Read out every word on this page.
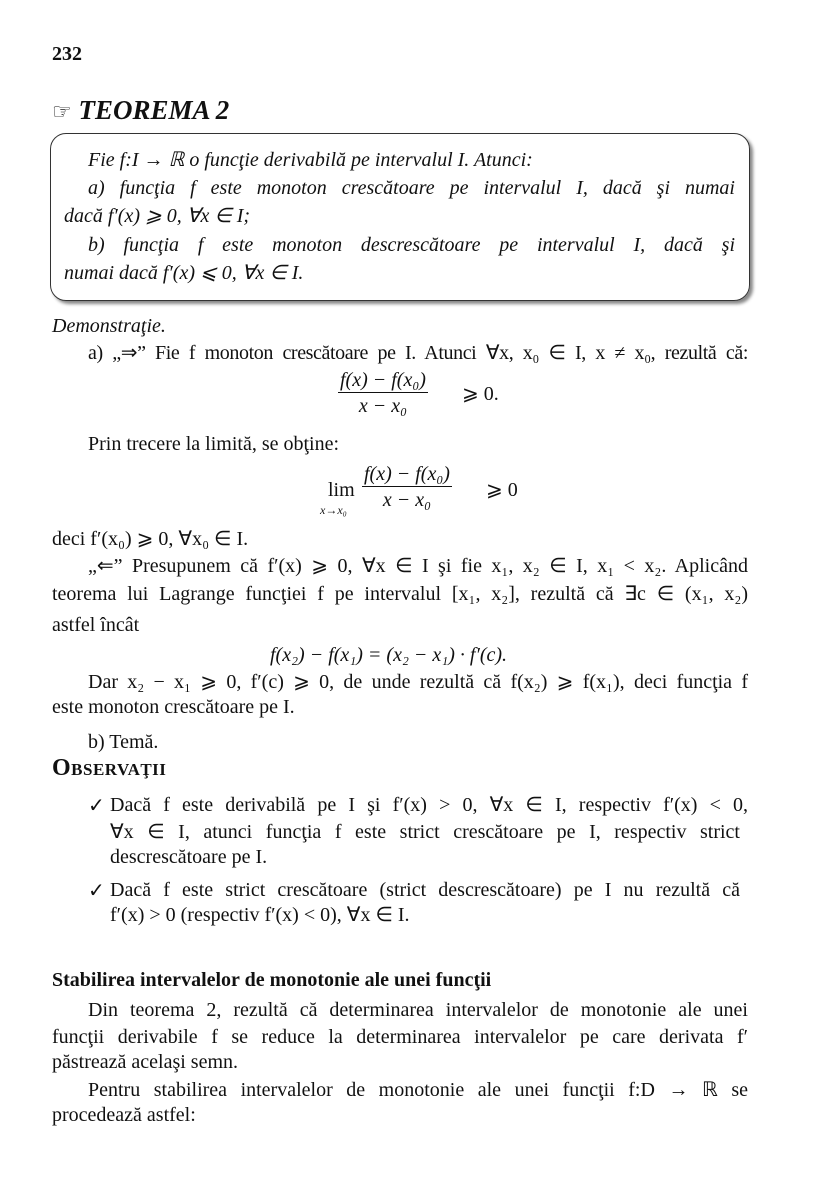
232
☞ TEOREMA 2
Fie f:I → ℝ o funcţie derivabilă pe intervalul I. Atunci:
a) funcţia f este monoton crescătoare pe intervalul I, dacă şi numai
dacă f′(x) ⩾ 0, ∀x ∈ I;
b) funcţia f este monoton descrescătoare pe intervalul I, dacă şi
numai dacă f′(x) ⩽ 0, ∀x ∈ I.
Demonstraţie.
a) „⇒” Fie f monoton crescătoare pe I. Atunci ∀x, x₀ ∈ I, x ≠ x₀, rezultă că:
$\frac{\text{f(x) − f(x₀)}}{\text{x − x₀}}$ ⩾ 0.
Prin trecere la limită, se obţine:
lim
$x\to x_0 \frac{\text{f(x) − f(x₀)}}{\text{x − x₀}}$ ⩾ 0
deci f′(x₀) ⩾ 0, ∀x₀ ∈ I.
„⇐” Presupunem că f′(x) ⩾ 0, ∀x ∈ I şi fie x₁, x₂ ∈ I, x₁ < x₂. Aplicând
teorema lui Lagrange funcţiei f pe intervalul [x₁, x₂], rezultă că ∃c ∈ (x₁, x₂)
astfel încât
f(x₂) − f(x₁) = (x₂ − x₁) · f′(c).
Dar x₂ − x₁ ⩾ 0, f′(c) ⩾ 0, de unde rezultă că f(x₂) ⩾ f(x₁), deci funcţia f
este monoton crescătoare pe I.
b) Temă.
Observaţii
✓ Dacă f este derivabilă pe I şi f′(x) > 0, ∀x ∈ I, respectiv f′(x) < 0,
∀x ∈ I, atunci funcţia f este strict crescătoare pe I, respectiv strict
descrescătoare pe I.
✓ Dacă f este strict crescătoare (strict descrescătoare) pe I nu rezultă că
f′(x) > 0 (respectiv f′(x) < 0), ∀x ∈ I.
Stabilirea intervalelor de monotonie ale unei funcţii
Din teorema 2, rezultă că determinarea intervalelor de monotonie ale unei
funcţii derivabile f se reduce la determinarea intervalelor pe care derivata f′
păstrează acelaşi semn.
Pentru stabilirea intervalelor de monotonie ale unei funcţii f:D → ℝ se
procedează astfel:
